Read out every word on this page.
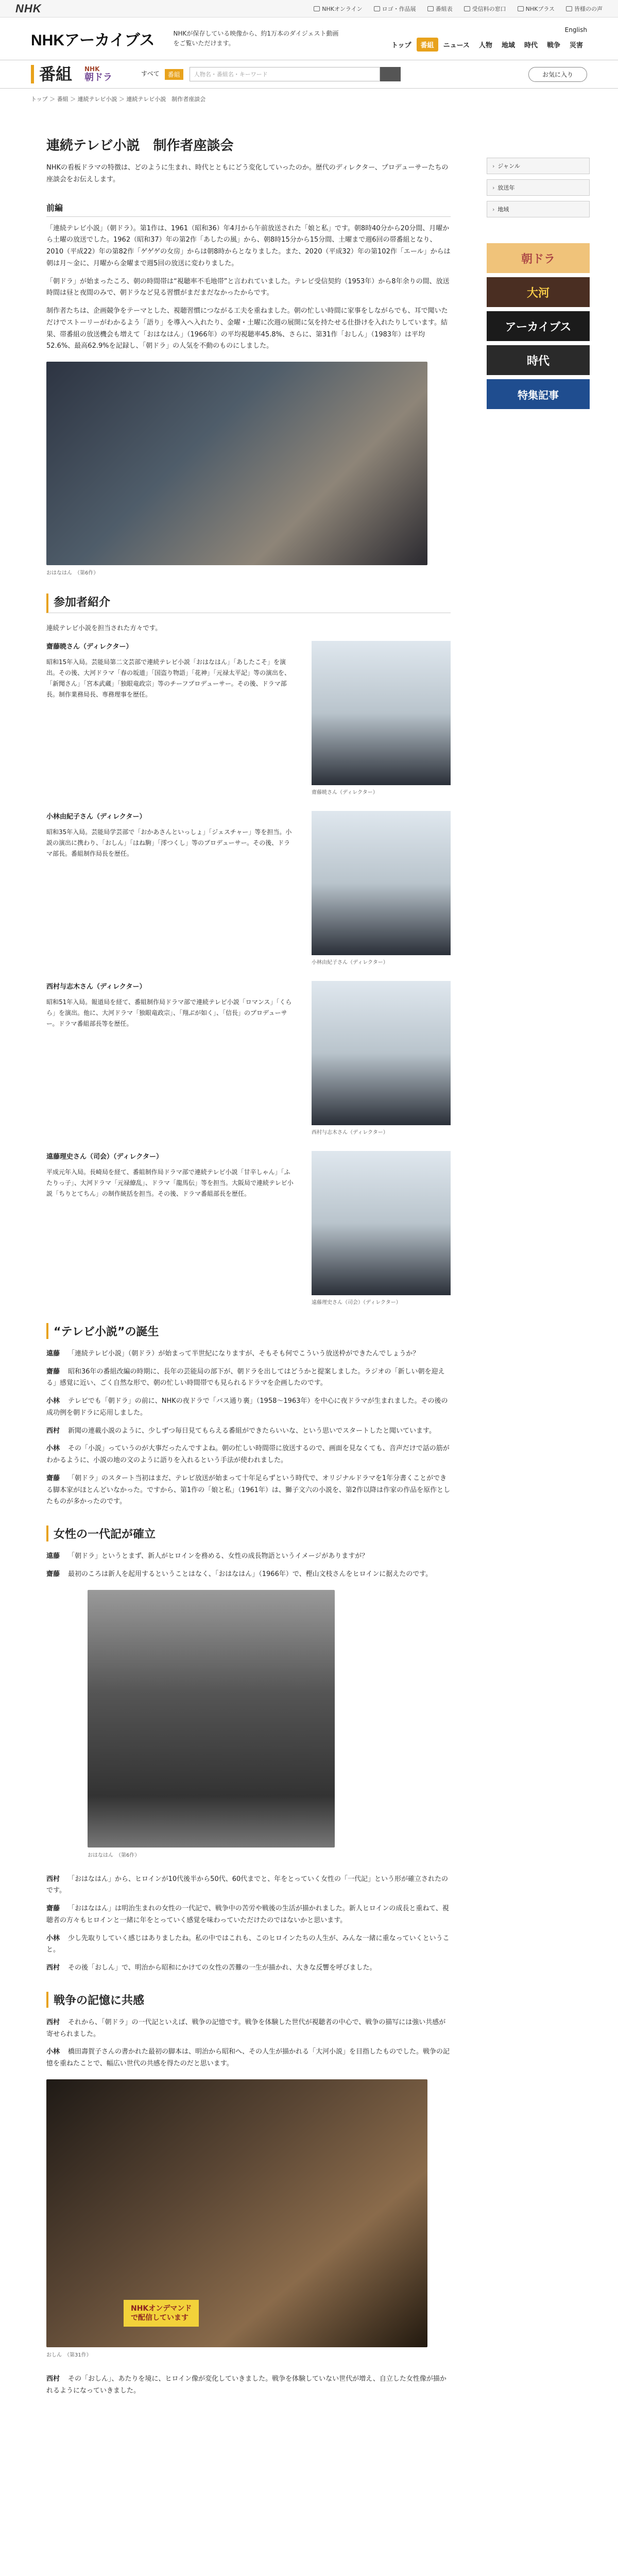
NHK	NHKオンライン	ロゴ・作品展	番組表	受信料の窓口	NHKプラス	皆様のの声
NHKアーカイブス	NHKが保存している映像から、約1万本のダイジェスト動画をご覧いただけます。
English
トップ	番組	ニュース	人物	地域	時代	戦争	災害
番組 NHK
朝ドラ	すべて	番組	人物名・番組名・キーワード	お気に入り
トップ ＞ 番組 ＞ 連続テレビ小説 ＞ 連続テレビ小説　制作者座談会
連続テレビ小説　制作者座談会

NHKの看板ドラマの特徴は、どのように生まれ、時代とともにどう変化していったのか。歴代のディレクター、プロデューサーたちの座談会をお伝えします。

前編

「連続テレビ小説」（朝ドラ）。第1作は、1961（昭和36）年4月から午前放送された「娘と私」です。朝8時40分から20分間、月曜から土曜の放送でした。1962（昭和37）年の第2作「あしたの風」から、朝8時15分から15分間、土曜まで週6回の帯番組となり、2010（平成22）年の第82作「ゲゲゲの女房」からは朝8時からとなりました。また、2020（平成32）年の第102作「エール」からは朝は月～金に、月曜から金曜まで週5回の放送に変わりました。

「朝ドラ」が始まったころ、朝の時間帯は“視聴率不毛地帯”と言われていました。テレビ受信契約（1953年）から8年余りの間、放送時間は昼と夜間のみで、朝ドラなど見る習慣がまだまだなかったからです。

制作者たちは、企画競争をテーマとした、視聴習慣につながる工夫を重ねました。朝の忙しい時間に家事をしながらでも、耳で聞いただけでストーリーがわかるよう「語り」を導入へ入れたり、金曜・土曜に次週の展開に気を持たせる仕掛けを入れたりしています。結果、帯番組の放送機会も増えて「おはなはん」（1966年）の平均視聴率45.8%、さらに、第31作「おしん」（1983年）は平均52.6%、最高62.9%を記録し、「朝ドラ」の人気を不動のものにしました。

おはなはん　（第6作）
参加者紹介

連続テレビ小説を担当された方々です。

齋藤暁さん（ディレクター）
昭和15年入局。芸能局第二文芸部で連続テレビ小説「おはなはん」「あしたこそ」を演出。その後、大河ドラマ「春の坂道」「国盗り物語」「花神」「元禄太平記」等の演出を、「新聞さん」「宮本武蔵」「独眼竜政宗」等のチーフプロデューサー。その後、ドラマ部長。制作業務局長、専務理事を歴任。
齋藤暁さん（ディレクター）
小林由紀子さん（ディレクター）
昭和35年入局。芸能局学芸部で「おかあさんといっしょ」「ジェスチャー」等を担当。小説の演出に携わり、「おしん」「はね駒」「澪つくし」等のプロデューサー。その後、ドラマ部長。番組制作局長を歴任。
小林由紀子さん（ディレクター）
西村与志木さん（ディレクター）
昭和51年入局。報道局を経て、番組制作局ドラマ部で連続テレビ小説「ロマンス」「くらら」を演出。他に、大河ドラマ「独眼竜政宗」、「翔ぶが如く」、「信長」のプロデューサー。ドラマ番組部長等を歴任。
西村与志木さん（ディレクター）
遠藤理史さん（司会）（ディレクター）
平成元年入局。長崎局を経て、番組制作局ドラマ部で連続テレビ小説「甘辛しゃん」「ふたりっ子」、大河ドラマ「元禄繚乱」、ドラマ「龍馬伝」等を担当。大阪局で連続テレビ小説「ちりとてちん」の制作統括を担当。その後、ドラマ番組部長を歴任。
遠藤理史さん（司会）（ディレクター）
“テレビ小説”の誕生
遠藤 「連続テレビ小説」（朝ドラ）が始まって半世紀になりますが、そもそも何でこういう放送枠ができたんでしょうか？
齋藤 昭和36年の番組改編の時期に、長年の芸能局の部下が、朝ドラを出してはどうかと提案しました。ラジオの「新しい朝を迎える」感覚に近い、ごく自然な形で、朝の忙しい時間帯でも見られるドラマを企画したのです。
小林 テレビでも「朝ドラ」の前に、NHKの夜ドラで「バス通り裏」（1958～1963年）を中心に夜ドラマが生まれました。その後の成功例を朝ドラに応用しました。
西村 新聞の連載小説のように、少しずつ毎日見てもらえる番組ができたらいいな、という思いでスタートしたと聞いています。
小林 その「小説」っていうのが大事だったんですよね。朝の忙しい時間帯に放送するので、画面を見なくても、音声だけで話の筋がわかるように、小説の地の文のように語りを入れるという手法が使われました。
齋藤 「朝ドラ」のスタート当初はまだ、テレビ放送が始まって十年足らずという時代で、オリジナルドラマを1年分書くことができる脚本家がほとんどいなかった。ですから、第1作の「娘と私」（1961年）は、獅子文六の小説を、第2作以降は作家の作品を原作としたものが多かったのです。
女性の一代記が確立
遠藤 「朝ドラ」というとまず、新人がヒロインを務める、女性の成長物語というイメージがありますが？
齋藤 最初のころは新人を起用するということはなく、「おはなはん」（1966年）で、樫山文枝さんをヒロインに据えたのです。
おはなはん　（第6作）
西村 「おはなはん」から、ヒロインが10代後半から50代、60代までと、年をとっていく女性の「一代記」という形が確立されたのです。
齋藤 「おはなはん」は明治生まれの女性の一代記で、戦争中の苦労や戦後の生活が描かれました。新人ヒロインの成長と重ねて、視聴者の方々もヒロインと一緒に年をとっていく感覚を味わっていただけたのではないかと思います。
小林 少し先取りしていく感じはありましたね。私の中ではこれも、このヒロインたちの人生が、みんな一緒に重なっていくということ。
西村 その後「おしん」で、明治から昭和にかけての女性の苦難の一生が描かれ、大きな反響を呼びました。
戦争の記憶に共感
西村 それから、「朝ドラ」の一代記といえば、戦争の記憶です。戦争を体験した世代が視聴者の中心で、戦争の描写には強い共感が寄せられました。
小林 橋田壽賀子さんの書かれた最初の脚本は、明治から昭和へ、その人生が描かれる「大河小説」を目指したものでした。戦争の記憶を重ねたことで、幅広い世代の共感を得たのだと思います。
NHKオンデマンド
で配信しています
おしん　（第31作）
西村 その「おしん」、あたりを境に、ヒロイン像が変化していきました。戦争を体験していない世代が増え、自立した女性像が描かれるようになっていきました。
› ジャンル
› 放送年
› 地域
朝ドラ
大河
アーカイブス
時代
特集記事
